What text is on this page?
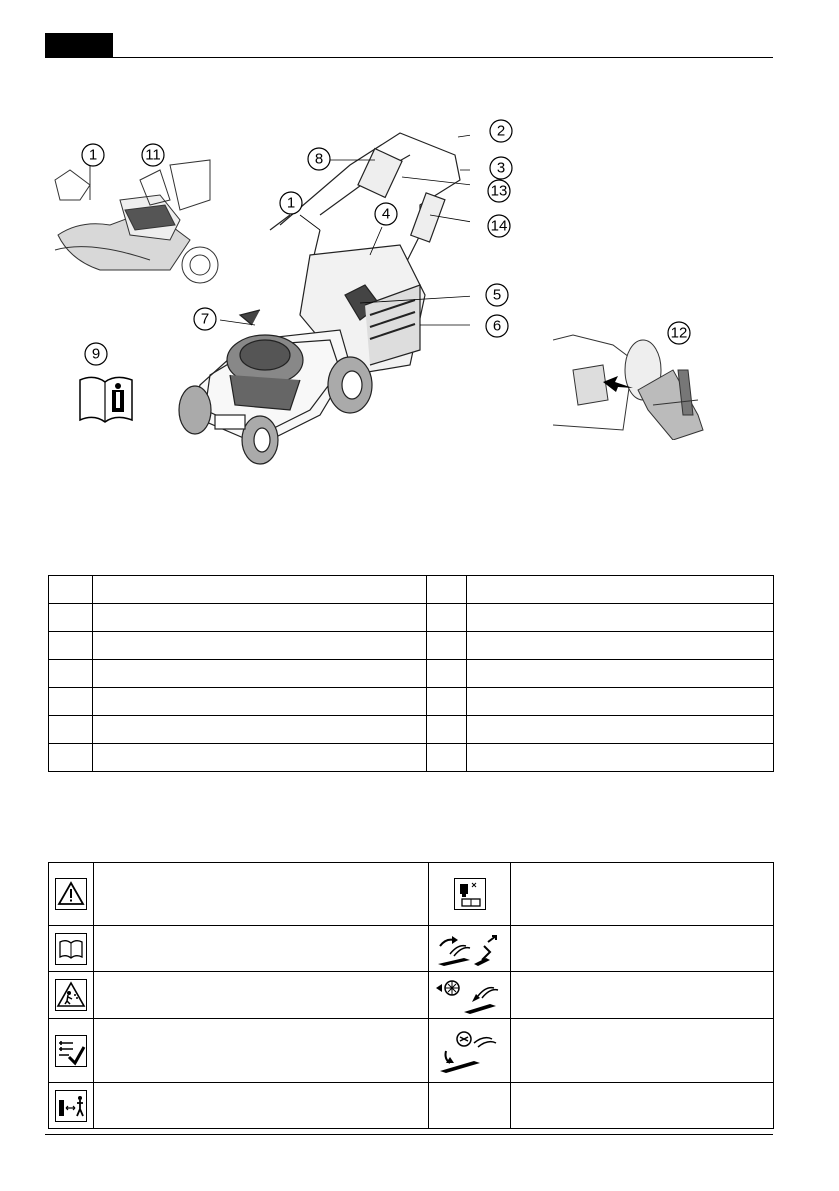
1	11
9
8
2
3
13
14
1
4
5
6
7
12
